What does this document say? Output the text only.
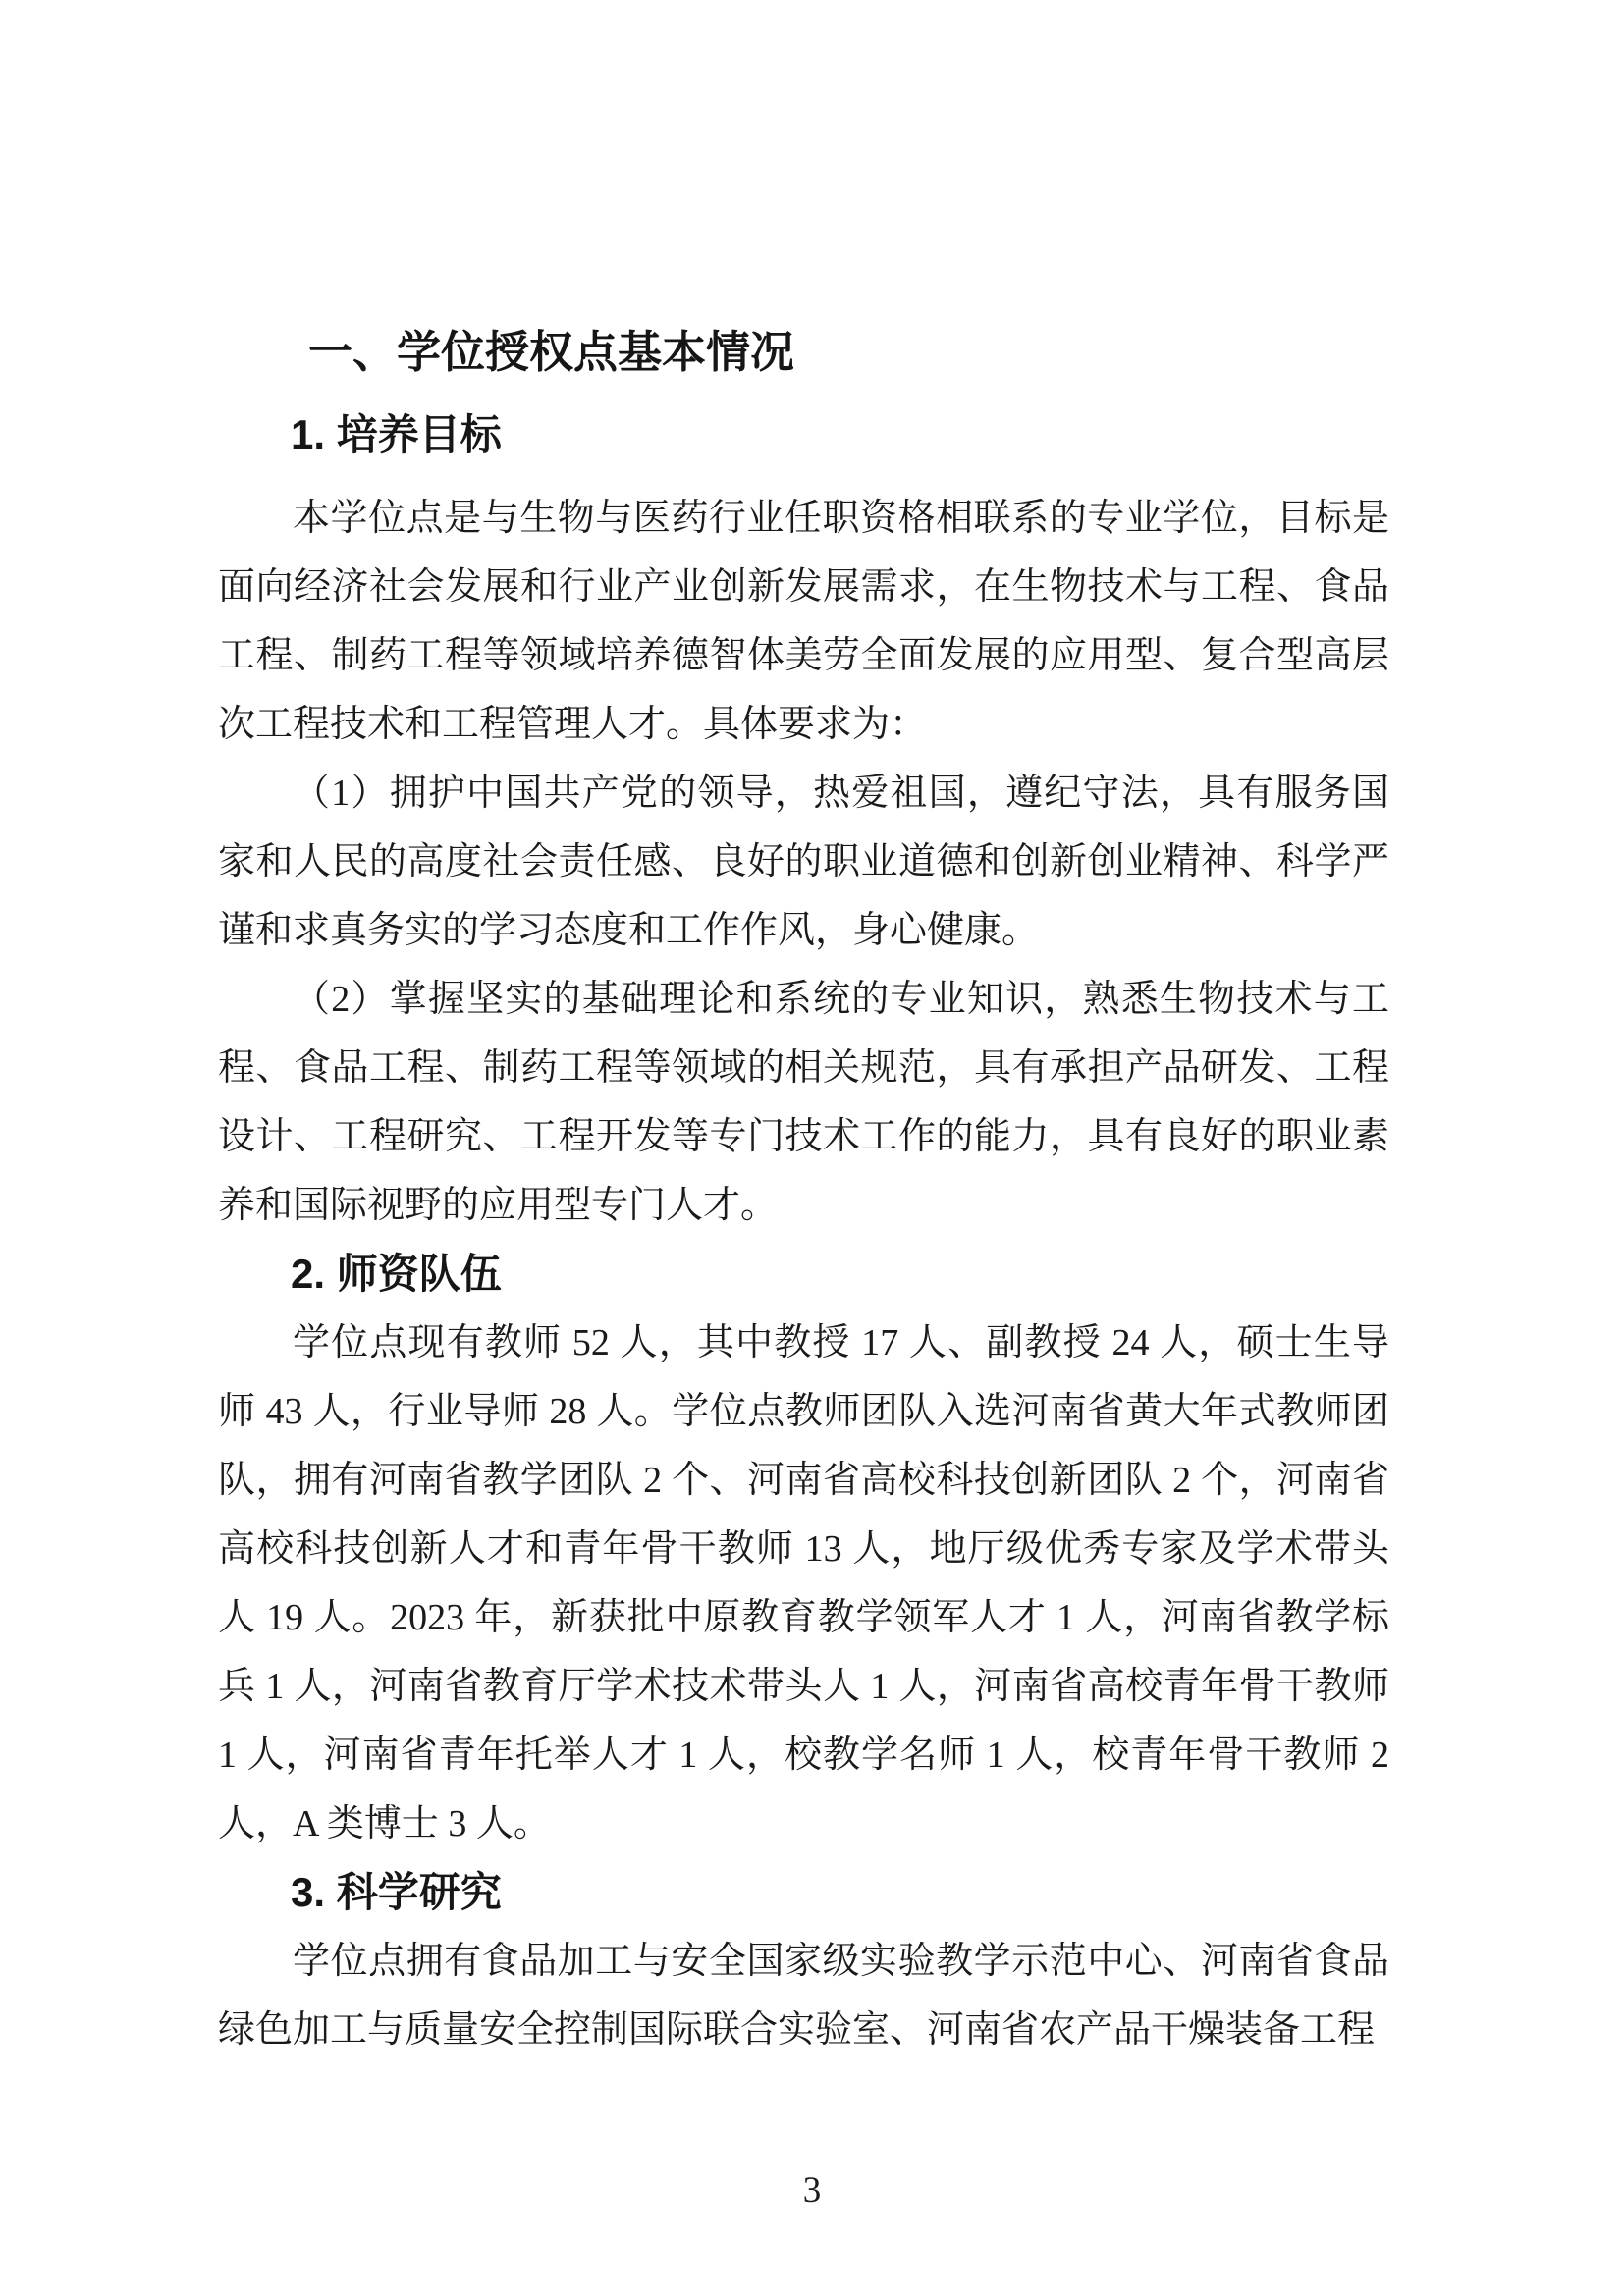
一、学位授权点基本情况
1. 培养目标

本学位点是与生物与医药行业任职资格相联系的专业学位，目标是面向经济社会发展和行业产业创新发展需求，在生物技术与工程、食品工程、制药工程等领域培养德智体美劳全面发展的应用型、复合型高层次工程技术和工程管理人才。具体要求为：

（1）拥护中国共产党的领导，热爱祖国，遵纪守法，具有服务国家和人民的高度社会责任感、良好的职业道德和创新创业精神、科学严谨和求真务实的学习态度和工作作风，身心健康。

（2）掌握坚实的基础理论和系统的专业知识，熟悉生物技术与工程、食品工程、制药工程等领域的相关规范，具有承担产品研发、工程设计、工程研究、工程开发等专门技术工作的能力，具有良好的职业素养和国际视野的应用型专门人才。

2. 师资队伍

学位点现有教师 52 人，其中教授 17 人、副教授 24 人，硕士生导师 43 人，行业导师 28 人。学位点教师团队入选河南省黄大年式教师团队，拥有河南省教学团队 2 个、河南省高校科技创新团队 2 个，河南省高校科技创新人才和青年骨干教师 13 人，地厅级优秀专家及学术带头人 19 人。2023 年，新获批中原教育教学领军人才 1 人，河南省教学标兵 1 人，河南省教育厅学术技术带头人 1 人，河南省高校青年骨干教师 1 人，河南省青年托举人才 1 人，校教学名师 1 人，校青年骨干教师 2 人，A 类博士 3 人。

3. 科学研究

学位点拥有食品加工与安全国家级实验教学示范中心、河南省食品绿色加工与质量安全控制国际联合实验室、河南省农产品干燥装备工程

3
